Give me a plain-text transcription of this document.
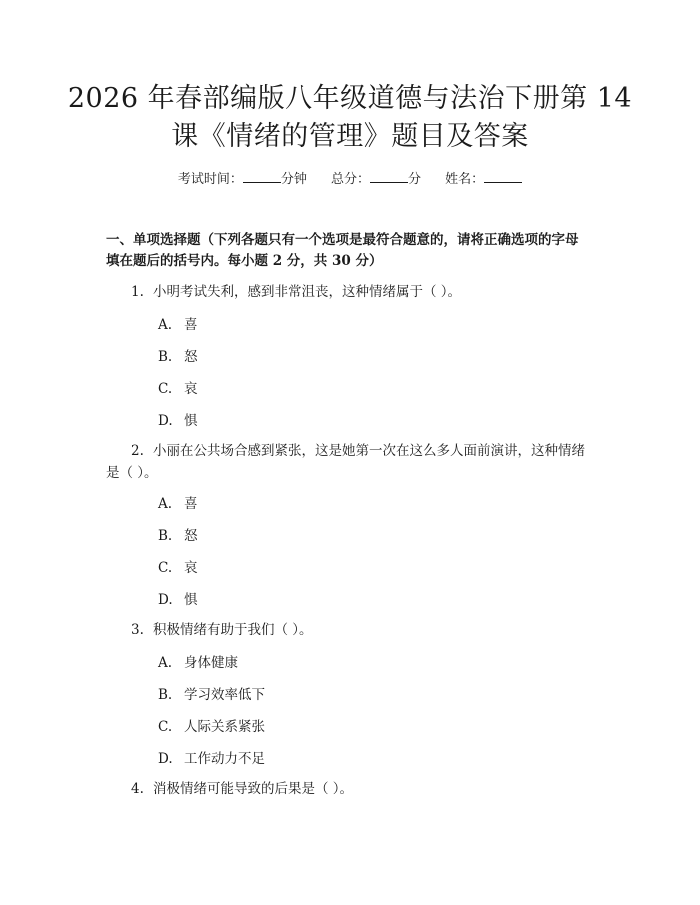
2026 年春部编版八年级道德与法治下册第 14
课《情绪的管理》题目及答案
考试时间：	分钟 总分：	分 姓名：
一、单项选择题（下列各题只有一个选项是最符合题意的，请将正确选项的字母
填在题后的括号内。每小题 2 分，共 30 分）
1. 小明考试失利，感到非常沮丧，这种情绪属于（ ）。
A. 喜
B. 怒
C. 哀
D. 惧
2. 小丽在公共场合感到紧张，这是她第一次在这么多人面前演讲，这种情绪
是（ ）。
A. 喜
B. 怒
C. 哀
D. 惧
3. 积极情绪有助于我们（ ）。
A. 身体健康
B. 学习效率低下
C. 人际关系紧张
D. 工作动力不足
4. 消极情绪可能导致的后果是（ ）。
